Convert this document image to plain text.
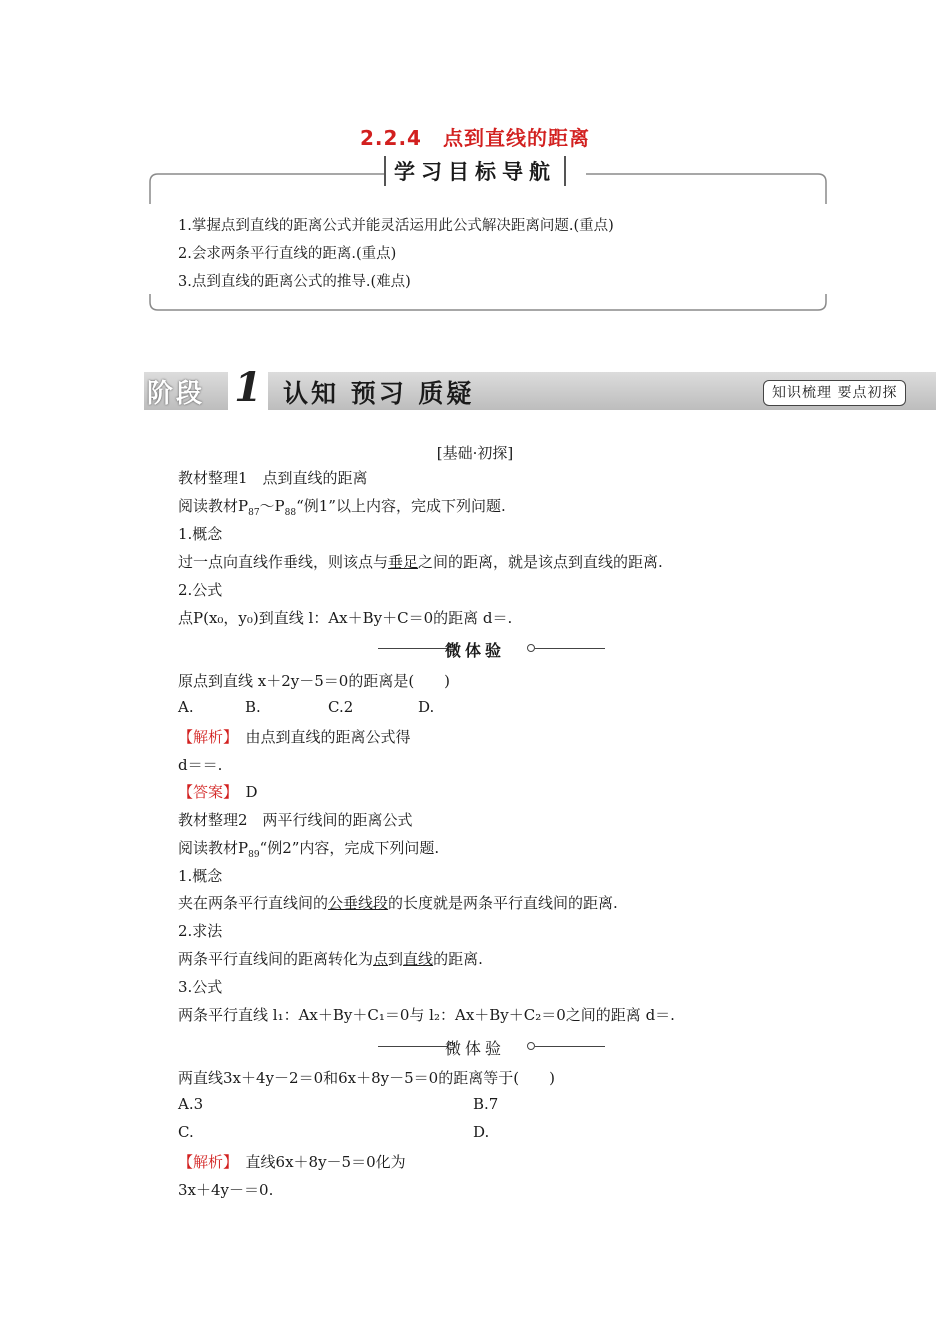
2.2.4　点到直线的距离
学习目标导航
1.掌握点到直线的距离公式并能灵活运用此公式解决距离问题.(重点)
2.会求两条平行直线的距离.(重点)
3.点到直线的距离公式的推导.(难点)
阶段 1 认知 预习 质疑	知识梳理 要点初探
[基础·初探]
教材整理1　点到直线的距离
阅读教材$P_{87}\sim P_{88}“$例1”以上内容，完成下列问题.
1.概念
过一点向直线作垂线，则该点与垂足之间的距离，就是该点到直线的距离.
2.公式
点P(x₀，y₀)到直线 l：Ax＋By＋C＝0的距离 d＝.
微体验
原点到直线 x＋2y－5＝0的距离是(　　)
A.	B.	C.2	D.
【解析】　 由点到直线的距离公式得
d＝＝.
【答案】　 D
教材整理2　两平行线间的距离公式
阅读教材$P_{89}“$例2”内容，完成下列问题.
1.概念
夹在两条平行直线间的公垂线段的长度就是两条平行直线间的距离.
2.求法
两条平行直线间的距离转化为点到直线的距离.
3.公式
两条平行直线 l₁：Ax＋By＋C₁＝0与 l₂：Ax＋By＋C₂＝0之间的距离 d＝.
微体验
两直线3x＋4y－2＝0和6x＋8y－5＝0的距离等于(　　)
A.3	B.7
C.	D.
【解析】　 直线6x＋8y－5＝0化为
3x＋4y－＝0.
